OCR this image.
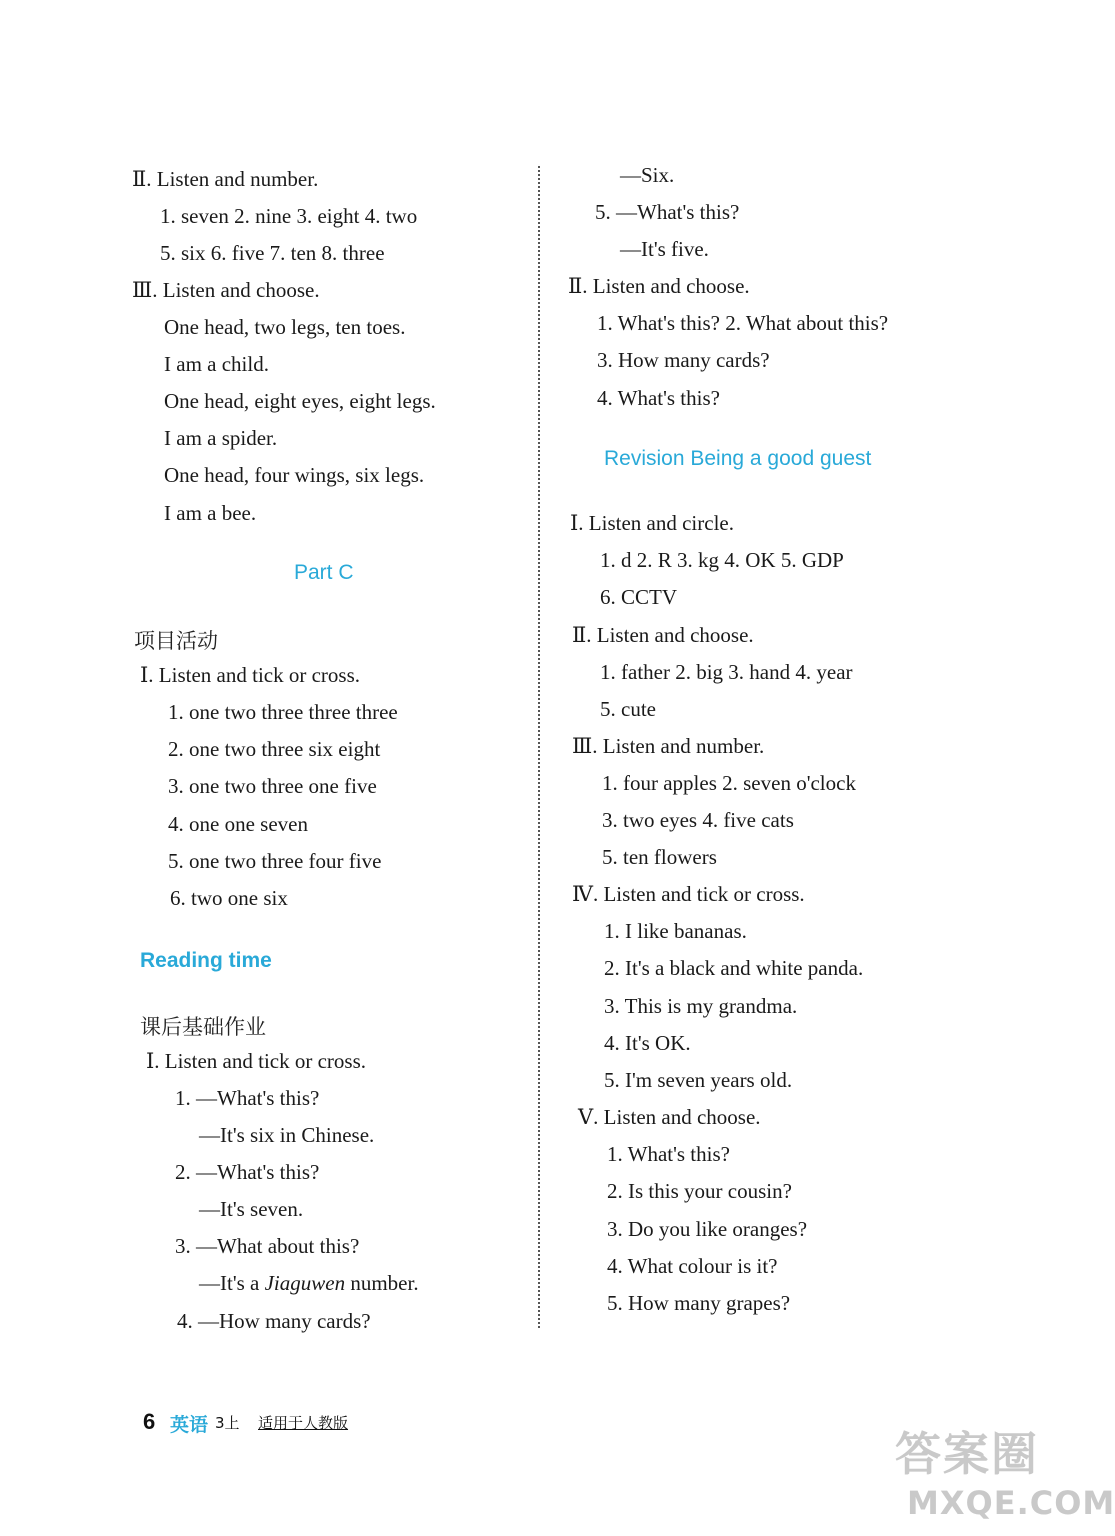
Ⅱ. Listen and number.
1. seven 2. nine 3. eight 4. two
5. six 6. five 7. ten 8. three
Ⅲ. Listen and choose.
One head, two legs, ten toes.
I am a child.
One head, eight eyes, eight legs.
I am a spider.
One head, four wings, six legs.
I am a bee.
Part C
项目活动
Ⅰ. Listen and tick or cross.
1. one two three three three
2. one two three six eight
3. one two three one five
4. one one seven
5. one two three four five
6. two one six
Reading time
课后基础作业
Ⅰ. Listen and tick or cross.
1. —What's this?
—It's six in Chinese.
2. —What's this?
—It's seven.
3. —What about this?
—It's a Jiaguwen number.
4. —How many cards?
—Six.
5. —What's this?
—It's five.
Ⅱ. Listen and choose.
1. What's this? 2. What about this?
3. How many cards?
4. What's this?
Revision Being a good guest
Ⅰ. Listen and circle.
1. d 2. R 3. kg 4. OK 5. GDP
6. CCTV
Ⅱ. Listen and choose.
1. father 2. big 3. hand 4. year
5. cute
Ⅲ. Listen and number.
1. four apples 2. seven o'clock
3. two eyes 4. five cats
5. ten flowers
Ⅳ. Listen and tick or cross.
1. I like bananas.
2. It's a black and white panda.
3. This is my grandma.
4. It's OK.
5. I'm seven years old.
Ⅴ. Listen and choose.
1. What's this?
2. Is this your cousin?
3. Do you like oranges?
4. What colour is it?
5. How many grapes?
6 英语 3上 适用于人教版
答案圈
MXQE.COM
